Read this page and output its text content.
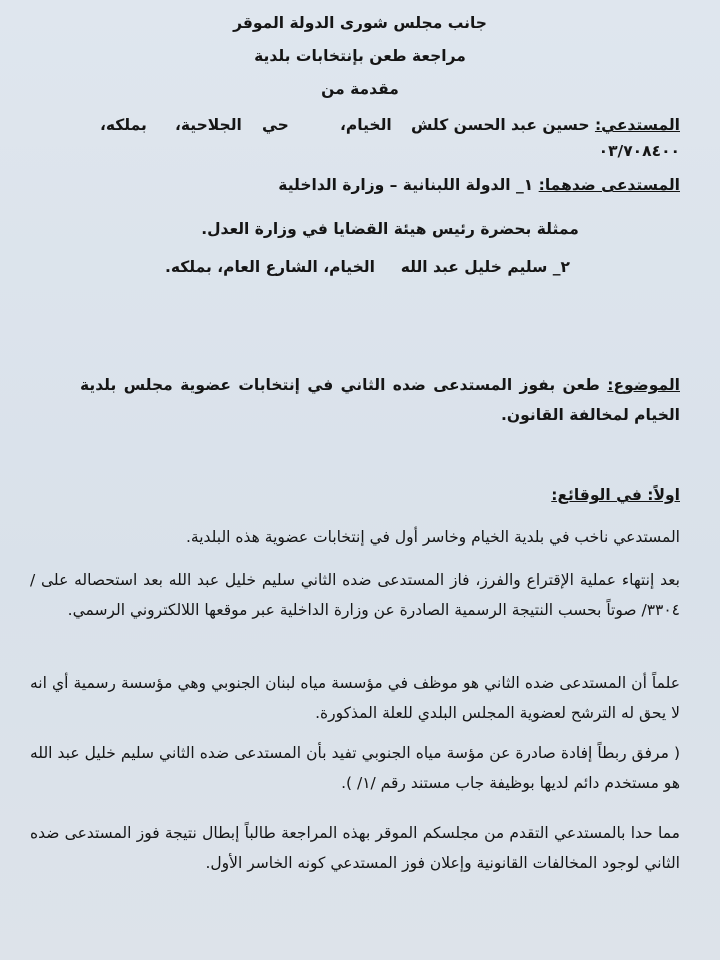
جانب مجلس شورى الدولة الموقر
مراجعة طعن بإنتخابات بلدية
مقدمة من
المستدعي: حسين عبد الحسن كلش
الخيام،
حي
الجلاحية،
بملكه،
٠٣/٧٠٨٤٠٠
المستدعى ضدهما: ١_ الدولة اللبنانية – وزارة الداخلية
ممثلة بحضرة رئيس هيئة القضايا في وزارة العدل.
٢_ سليم خليل عبد الله
الخيام، الشارع العام، بملكه.
الموضوع: طعن بفوز المستدعى ضده الثاني في إنتخابات عضوية مجلس بلدية الخيام لمخالفة القانون.
اولاً: في الوقائع:
المستدعي ناخب في بلدية الخيام وخاسر أول في إنتخابات عضوية هذه البلدية.
بعد إنتهاء عملية الإقتراع والفرز، فاز المستدعى ضده الثاني سليم خليل عبد الله بعد استحصاله على /٣٣٠٤/ صوتاً بحسب النتيجة الرسمية الصادرة عن وزارة الداخلية عبر موقعها اللالكتروني الرسمي.
علماً أن المستدعى ضده الثاني هو موظف في مؤسسة مياه لبنان الجنوبي وهي مؤسسة رسمية أي انه لا يحق له الترشح لعضوية المجلس البلدي للعلة المذكورة.
( مرفق ربطاً إفادة صادرة عن مؤسة مياه الجنوبي تفيد بأن المستدعى ضده الثاني سليم خليل عبد الله هو مستخدم دائم لديها بوظيفة جاب مستند رقم /١/ ).
مما حدا بالمستدعي التقدم من مجلسكم الموقر بهذه المراجعة طالباً إبطال نتيجة فوز المستدعى ضده الثاني لوجود المخالفات القانونية وإعلان فوز المستدعي كونه الخاسر الأول.
